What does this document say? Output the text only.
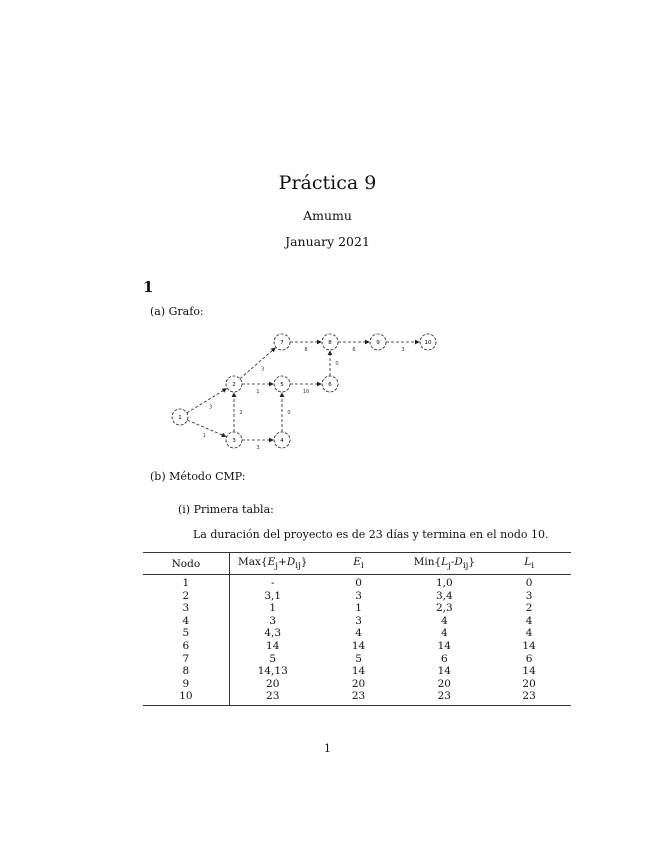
Práctica 9
Amumu
January 2021
1
(a) Grafo:
3
1
2
3
1
3
0
10
8
0
6	3
1
2
3	4
5	6
7	8	9	10
(b) Método CMP:
(i) Primera tabla:
La duración del proyecto es de 23 días y termina en el nodo 10.
Nodo	$Max\{E_j+D_{ij}\}$	$E_i$	$Min\{L_j-D_{ij}\}$	$L_i$
1	-	0	1,0	0
2	3,1	3	3,4	3
3	1	1	2,3	2
4	3	3	4	4
5	4,3	4	4	4
6	14	14	14	14
7	5	5	6	6
8	14,13	14	14	14
9	20	20	20	20
10	23	23	23	23
1
